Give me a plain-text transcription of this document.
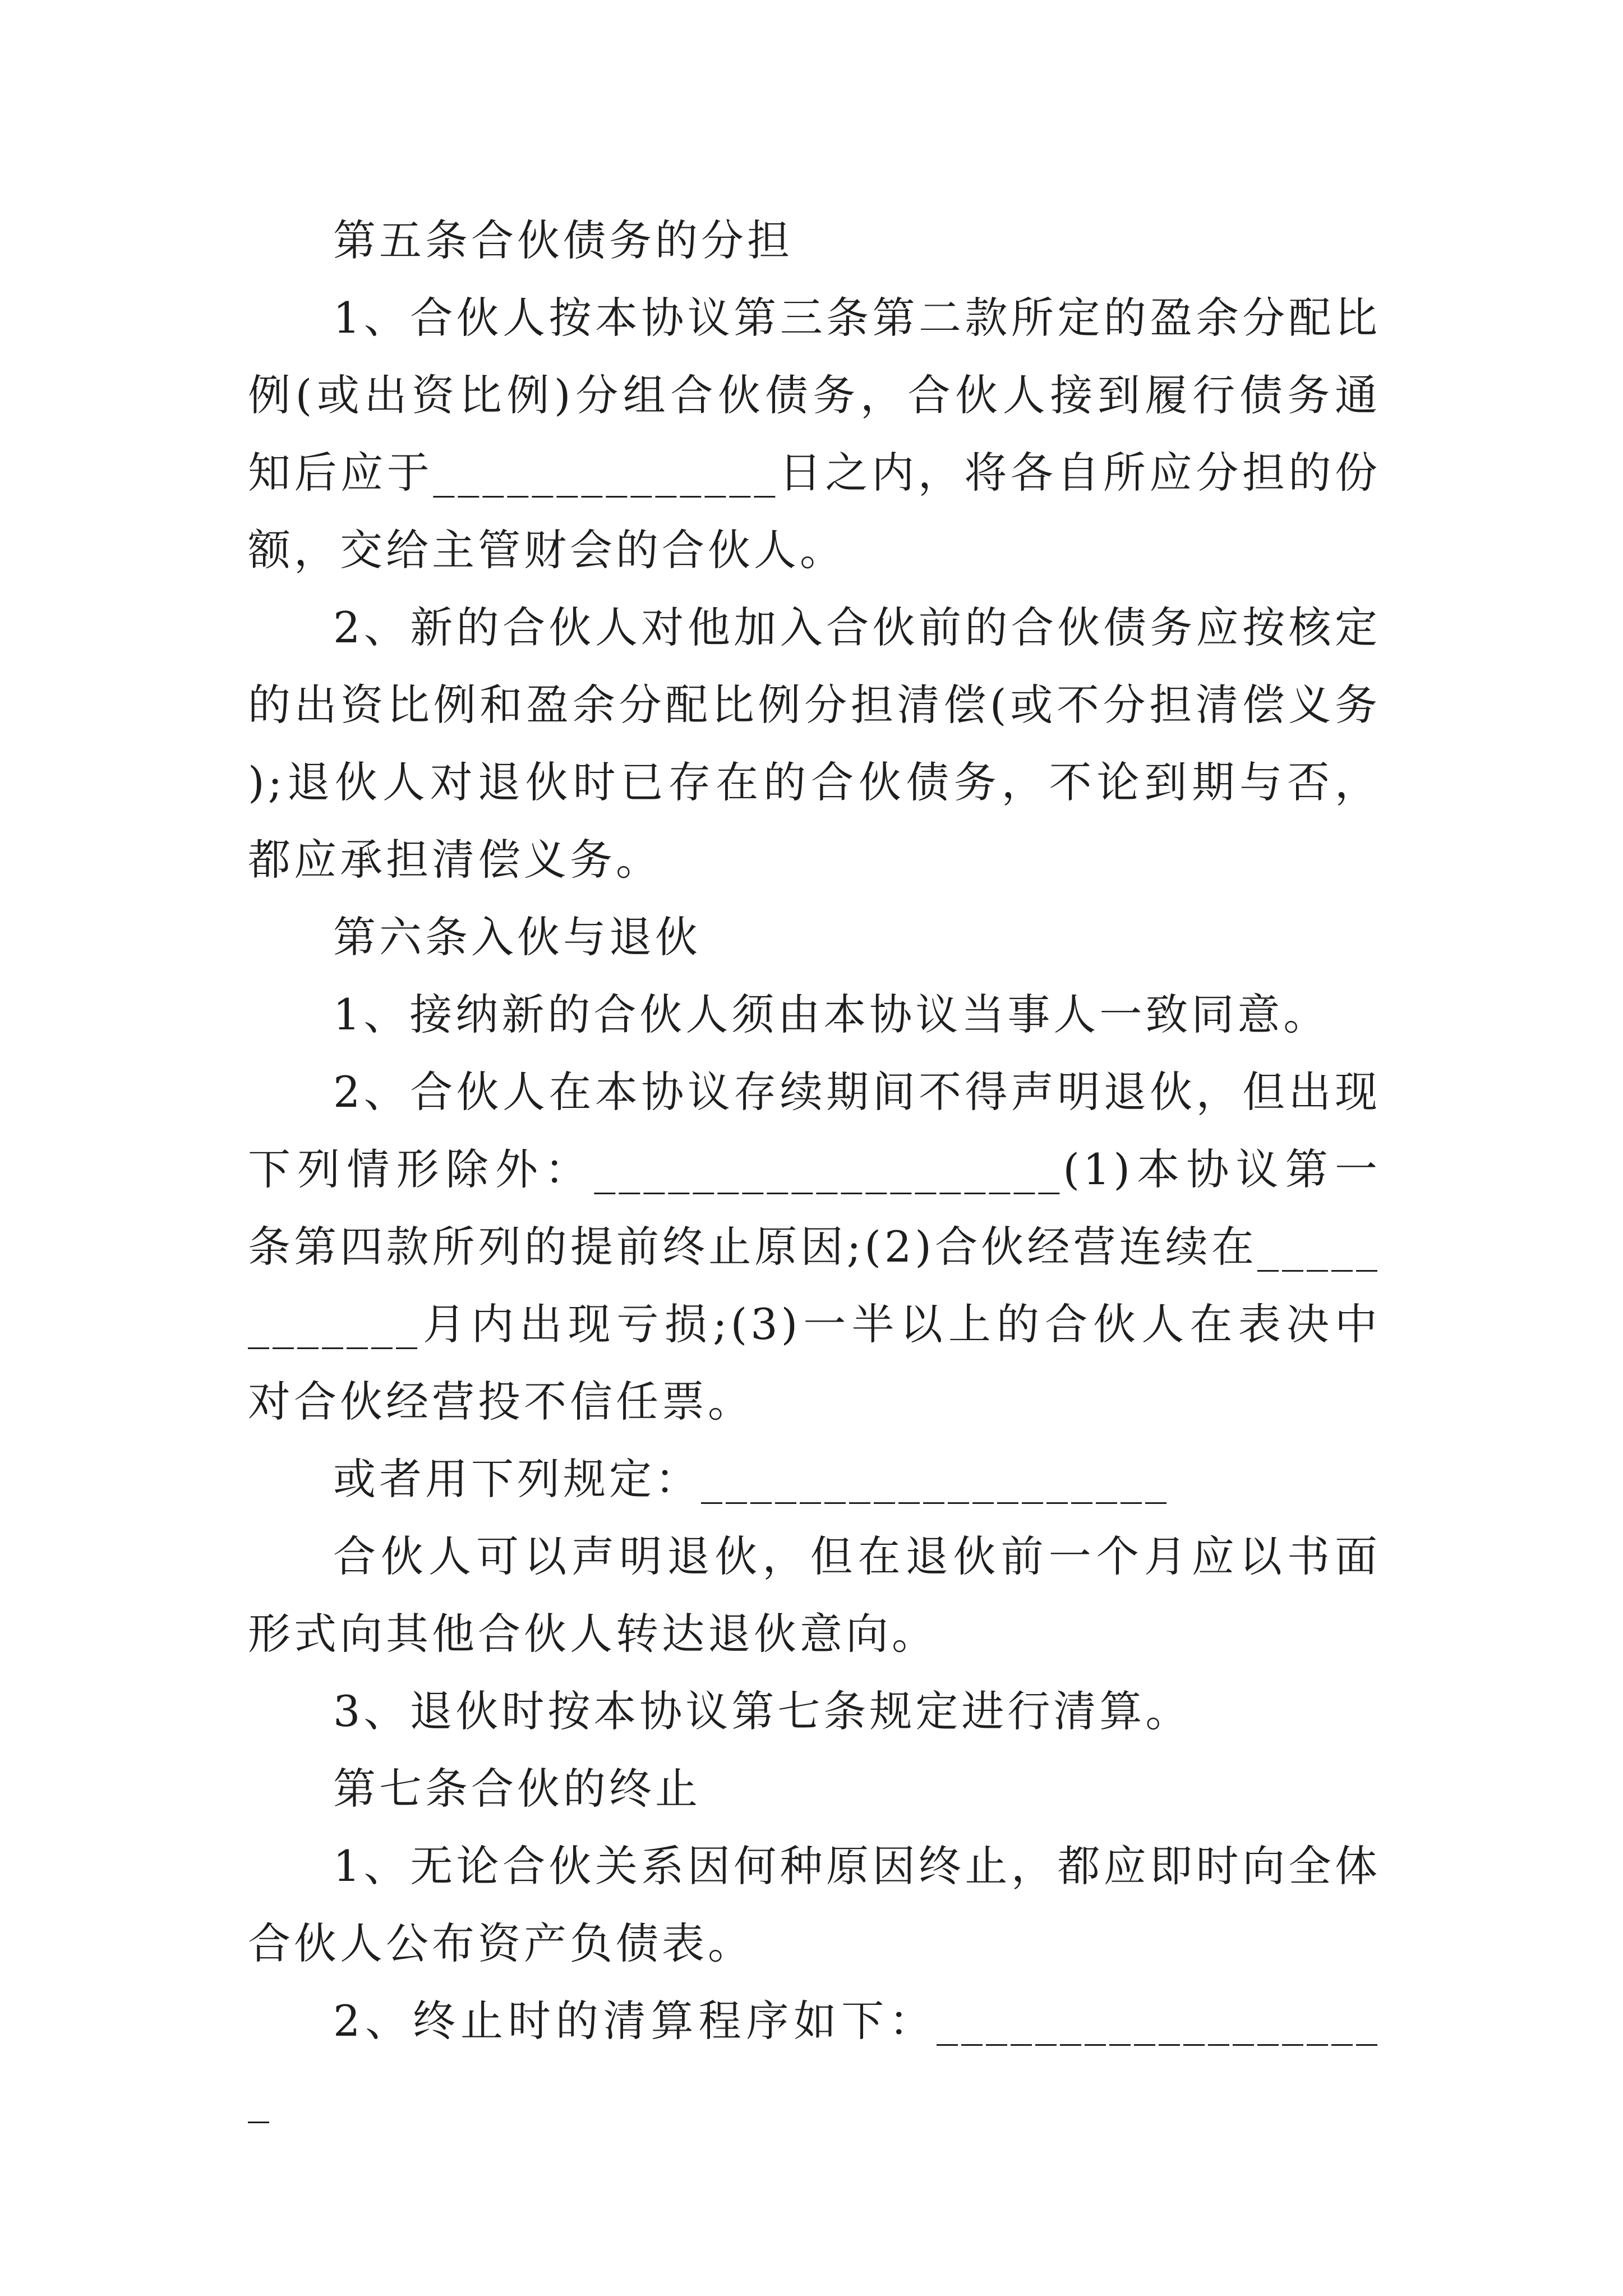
第五条合伙债务的分担

1、合伙人按本协议第三条第二款所定的盈余分配比例(或出资比例)分组合伙债务，合伙人接到履行债务通知后应于______________日之内，将各自所应分担的份额，交给主管财会的合伙人。

2、新的合伙人对他加入合伙前的合伙债务应按核定的出资比例和盈余分配比例分担清偿(或不分担清偿义务);退伙人对退伙时已存在的合伙债务，不论到期与否，都应承担清偿义务。

第六条入伙与退伙

1、接纳新的合伙人须由本协议当事人一致同意。

2、合伙人在本协议存续期间不得声明退伙，但出现下列情形除外：___________________(1)本协议第一条第四款所列的提前终止原因;(2)合伙经营连续在____________月内出现亏损;(3)一半以上的合伙人在表决中对合伙经营投不信任票。

或者用下列规定：___________________

合伙人可以声明退伙，但在退伙前一个月应以书面形式向其他合伙人转达退伙意向。

3、退伙时按本协议第七条规定进行清算。

第七条合伙的终止

1、无论合伙关系因何种原因终止，都应即时向全体合伙人公布资产负债表。

2、终止时的清算程序如下：___________________
